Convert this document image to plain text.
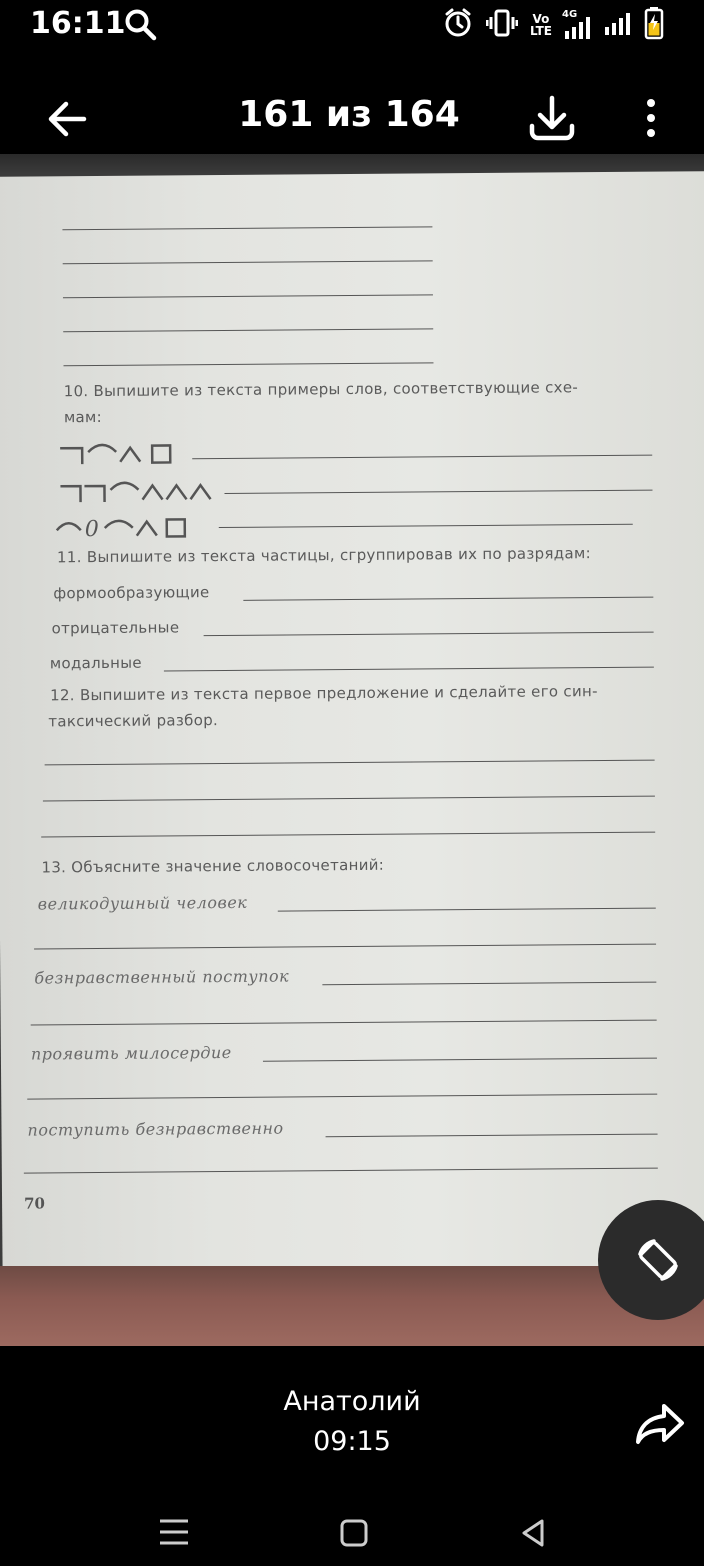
16:11	Vo
LTE
4G
161 из 164
10. Выпишите из текста примеры слов, соответствующие схе-
мам:
0
11. Выпишите из текста частицы, сгруппировав их по разрядам:
формообразующие
отрицательные
модальные
12. Выпишите из текста первое предложение и сделайте его син-
таксический разбор.
13. Объясните значение словосочетаний:
великодушный человек
безнравственный поступок
проявить милосердие
поступить безнравственно
70
Анатолий
09:15
